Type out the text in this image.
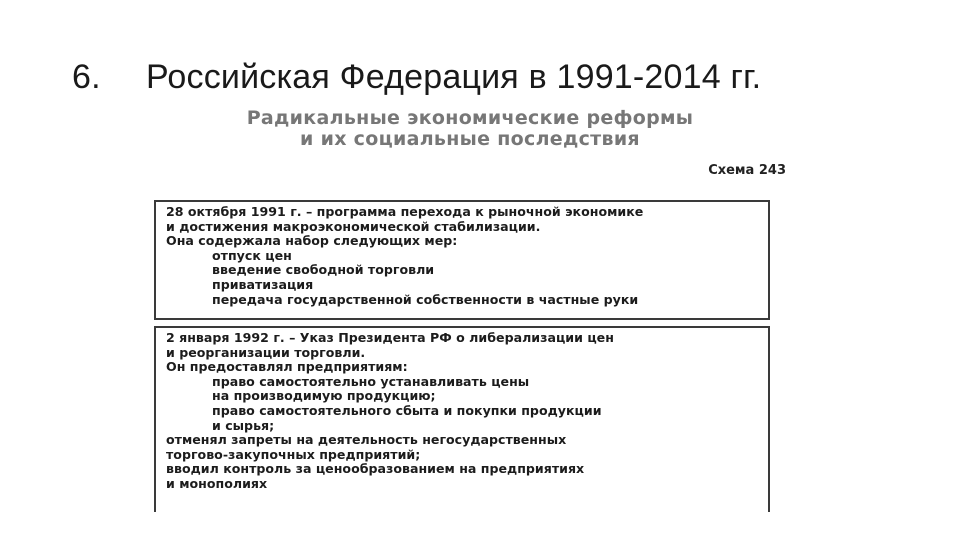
6. Российская Федерация в 1991-2014 гг.
Радикальные экономические реформы
и их социальные последствия
Схема 243
28 октября 1991 г. – программа перехода к рыночной экономике
и достижения макроэкономической стабилизации.
Она содержала набор следующих мер:
отпуск цен
введение свободной торговли
приватизация
передача государственной собственности в частные руки
2 января 1992 г. – Указ Президента РФ о либерализации цен
и реорганизации торговли.
Он предоставлял предприятиям:
право самостоятельно устанавливать цены
на производимую продукцию;
право самостоятельного сбыта и покупки продукции
и сырья;
отменял запреты на деятельность негосударственных
торгово-закупочных предприятий;
вводил контроль за ценообразованием на предприятиях
и монополиях
